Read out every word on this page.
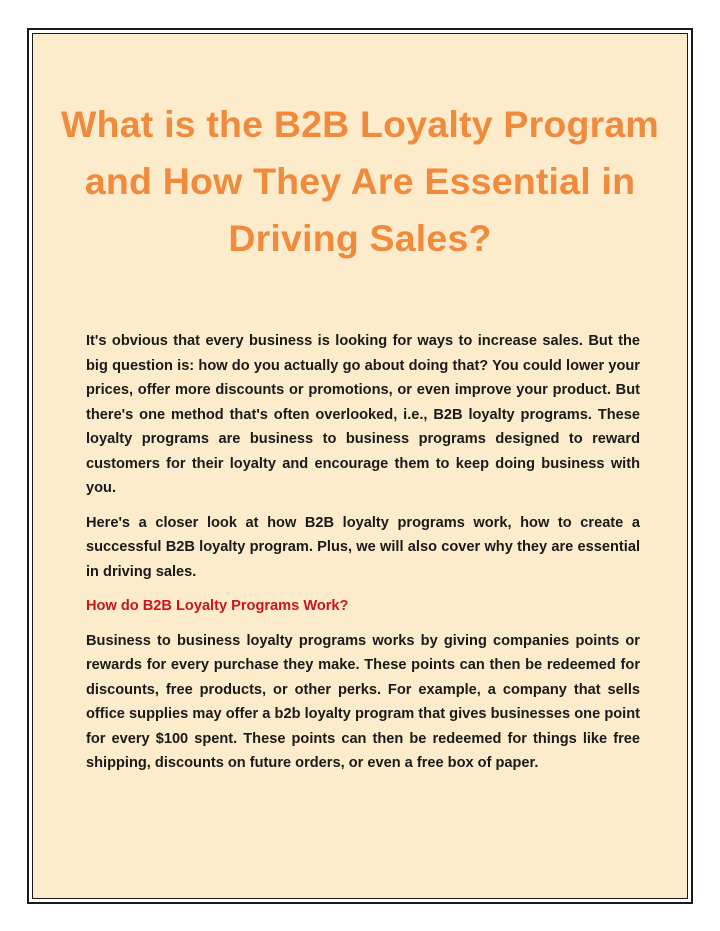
What is the B2B Loyalty Program and How They Are Essential in Driving Sales?

It's obvious that every business is looking for ways to increase sales. But the big question is: how do you actually go about doing that? You could lower your prices, offer more discounts or promotions, or even improve your product. But there's one method that's often overlooked, i.e., B2B loyalty programs. These loyalty programs are business to business programs designed to reward customers for their loyalty and encourage them to keep doing business with you.

Here's a closer look at how B2B loyalty programs work, how to create a successful B2B loyalty program. Plus, we will also cover why they are essential in driving sales.

How do B2B Loyalty Programs Work?

Business to business loyalty programs works by giving companies points or rewards for every purchase they make. These points can then be redeemed for discounts, free products, or other perks. For example, a company that sells office supplies may offer a b2b loyalty program that gives businesses one point for every $100 spent. These points can then be redeemed for things like free shipping, discounts on future orders, or even a free box of paper.
